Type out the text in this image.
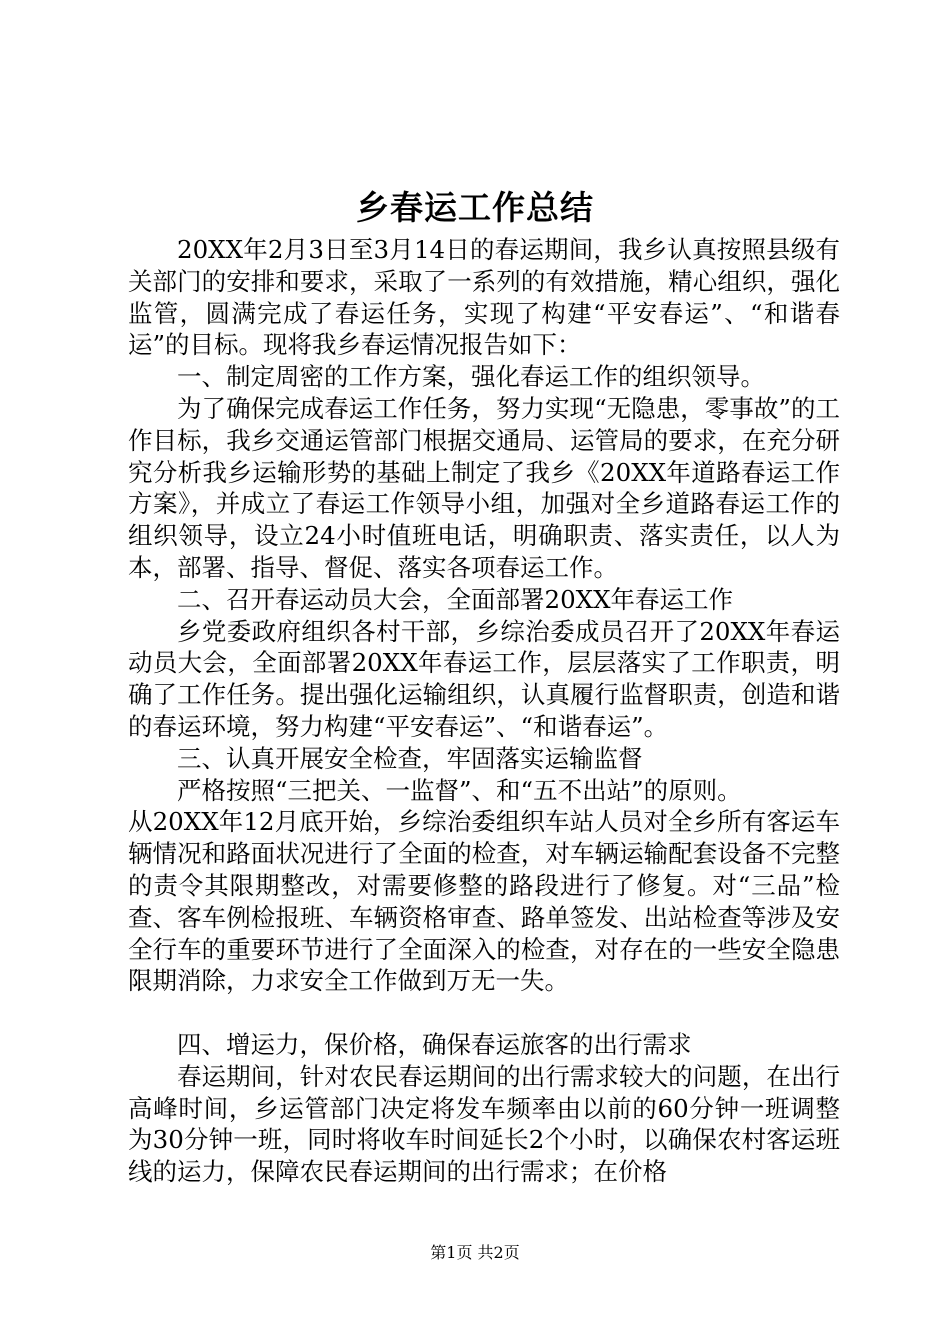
乡春运工作总结

20XX年2月3日至3月14日的春运期间，我乡认真按照县级有关部门的安排和要求，采取了一系列的有效措施，精心组织，强化监管，圆满完成了春运任务，实现了构建“平安春运”、“和谐春运”的目标。现将我乡春运情况报告如下：

一、制定周密的工作方案，强化春运工作的组织领导。

为了确保完成春运工作任务，努力实现“无隐患，零事故”的工作目标，我乡交通运管部门根据交通局、运管局的要求，在充分研究分析我乡运输形势的基础上制定了我乡《20XX年道路春运工作方案》，并成立了春运工作领导小组，加强对全乡道路春运工作的组织领导，设立24小时值班电话，明确职责、落实责任，以人为本，部署、指导、督促、落实各项春运工作。

二、召开春运动员大会，全面部署20XX年春运工作

乡党委政府组织各村干部，乡综治委成员召开了20XX年春运动员大会，全面部署20XX年春运工作，层层落实了工作职责，明确了工作任务。提出强化运输组织，认真履行监督职责，创造和谐的春运环境，努力构建“平安春运”、“和谐春运”。

三、认真开展安全检查，牢固落实运输监督

严格按照“三把关、一监督”、和“五不出站”的原则。

从20XX年12月底开始，乡综治委组织车站人员对全乡所有客运车辆情况和路面状况进行了全面的检查，对车辆运输配套设备不完整的责令其限期整改，对需要修整的路段进行了修复。对“三品”检查、客车例检报班、车辆资格审查、路单签发、出站检查等涉及安全行车的重要环节进行了全面深入的检查，对存在的一些安全隐患限期消除，力求安全工作做到万无一失。

四、增运力，保价格，确保春运旅客的出行需求

春运期间，针对农民春运期间的出行需求较大的问题，在出行高峰时间，乡运管部门决定将发车频率由以前的60分钟一班调整为30分钟一班，同时将收车时间延长2个小时，以确保农村客运班线的运力，保障农民春运期间的出行需求；在价格

第1页 共2页
